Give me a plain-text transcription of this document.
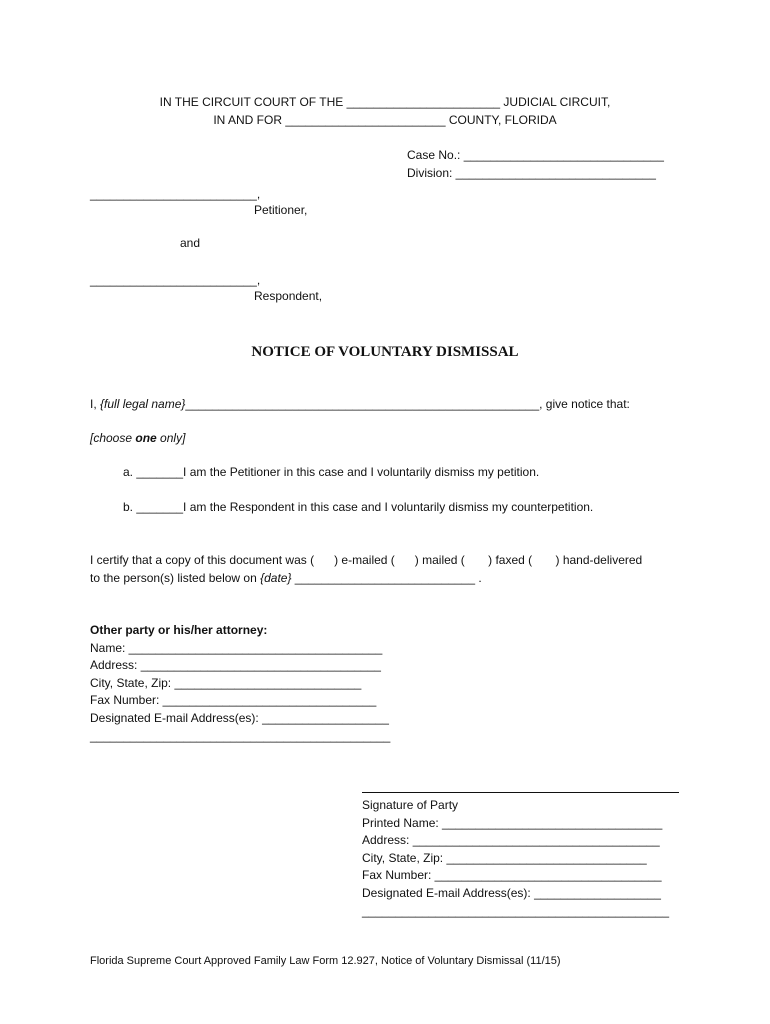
IN THE CIRCUIT COURT OF THE _______________________ JUDICIAL CIRCUIT,
IN AND FOR ________________________ COUNTY, FLORIDA
Case No.: ______________________________
Division: ______________________________
_________________________,
Petitioner,
and
_________________________,
Respondent,
NOTICE OF VOLUNTARY DISMISSAL
I, {full legal name}_____________________________________________________, give notice that:
[choose one only]
a. _______I am the Petitioner in this case and I voluntarily dismiss my petition.
b. _______I am the Respondent in this case and I voluntarily dismiss my counterpetition.
I certify that a copy of this document was (      ) e-mailed (      ) mailed (       ) faxed (       ) hand-delivered
to the person(s) listed below on {date} ___________________________ .
Other party or his/her attorney:
Name: ______________________________________
Address: ____________________________________
City, State, Zip: ____________________________
Fax Number: ________________________________
Designated E-mail Address(es): ___________________
_____________________________________________
Signature of Party
Printed Name: _________________________________
Address: _____________________________________
City, State, Zip: ______________________________
Fax Number: __________________________________
Designated E-mail Address(es): ___________________
______________________________________________
Florida Supreme Court Approved Family Law Form 12.927, Notice of Voluntary Dismissal (11/15)
